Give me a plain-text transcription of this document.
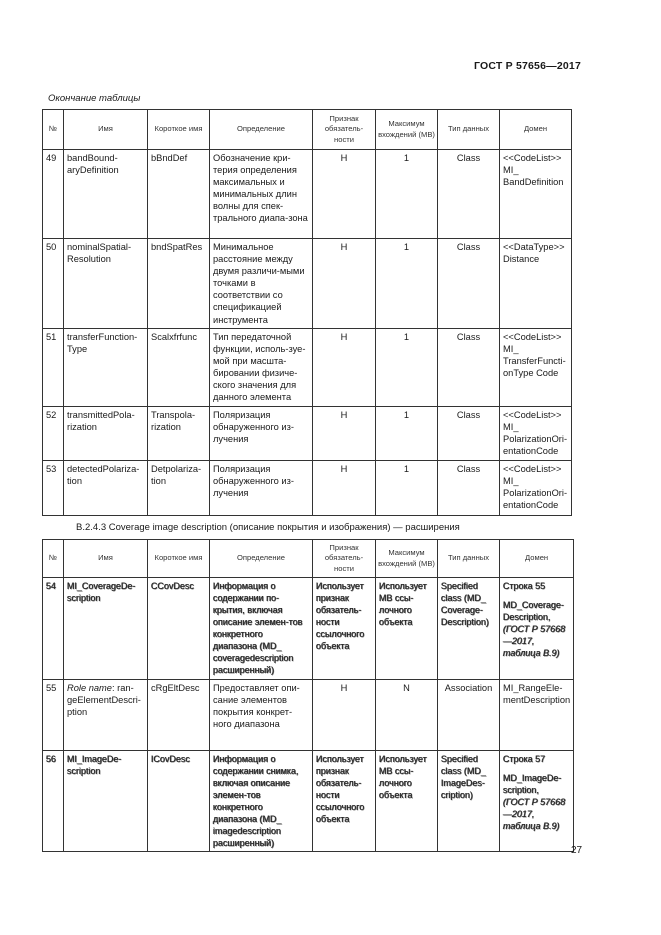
ГОСТ Р 57656—2017
Окончание таблицы
№	Имя	Короткое имя	Определение	Признак обязатель-ности	Максимум вхождений (МВ)	Тип данных	Домен
49	bandBound-aryDefinition	bBndDef	Обозначение кри-терия определения максимальных и минимальных длин волны для спек-трального диапа-зона	Н	1	Class	<<CodeList>> MI_ BandDefinition
50	nominalSpatial-Resolution	bndSpatRes	Минимальное расстояние между двумя различи-мыми точками в соответствии со спецификацией инструмента	Н	1	Class	<<DataType>> Distance
51	transferFunction-Type	Scalxfrfunc	Тип передаточной функции, исполь-зуе-мой при масшта-бировании физиче-ского значения для данного элемента	Н	1	Class	<<CodeList>> MI_ TransferFuncti-onType Code
52	transmittedPola-rization	Transpola-rization	Поляризация обнаруженного из-лучения	Н	1	Class	<<CodeList>> MI_ PolarizationOri-entationCode
53	detectedPolariza-tion	Detpolariza-tion	Поляризация обнаруженного из-лучения	Н	1	Class	<<CodeList>> MI_ PolarizationOri-entationCode
B.2.4.3 Coverage image description (описание покрытия и изображения) — расширения
№	Имя	Короткое имя	Определение	Признак обязатель-ности	Максимум вхождений (МВ)	Тип данных	Домен
54	MI_CoverageDe-scription	CCovDesc	Информация о содержании по-крытия, включая описание элемен-тов конкретного диапазона (MD_ coveragedescription расширенный)	Использует признак обязатель-ности ссылочного объекта	Использует МВ ссы-лочного объекта	Specified class (MD_ Coverage-Description)	Строка 55
MD_Coverage-Description,
(ГОСТ Р 57668—2017, таблица B.9)

55	Role name: ran-geElementDescri-ption	cRgEltDesc	Предоставляет опи-сание элементов покрытия конкрет-ного диапазона	Н	N	Association	MI_RangeEle-mentDescription
56	MI_ImageDe-scription	ICovDesc	Информация о содержании снимка, включая описание элемен-тов конкретного диапазона (MD_ imagedescription расширенный)	Использует признак обязатель-ности ссылочного объекта	Использует МВ ссы-лочного объекта	Specified class (MD_ ImageDes-cription)	Строка 57
MD_ImageDe-scription,
(ГОСТ Р 57668—2017, таблица B.9)
27
